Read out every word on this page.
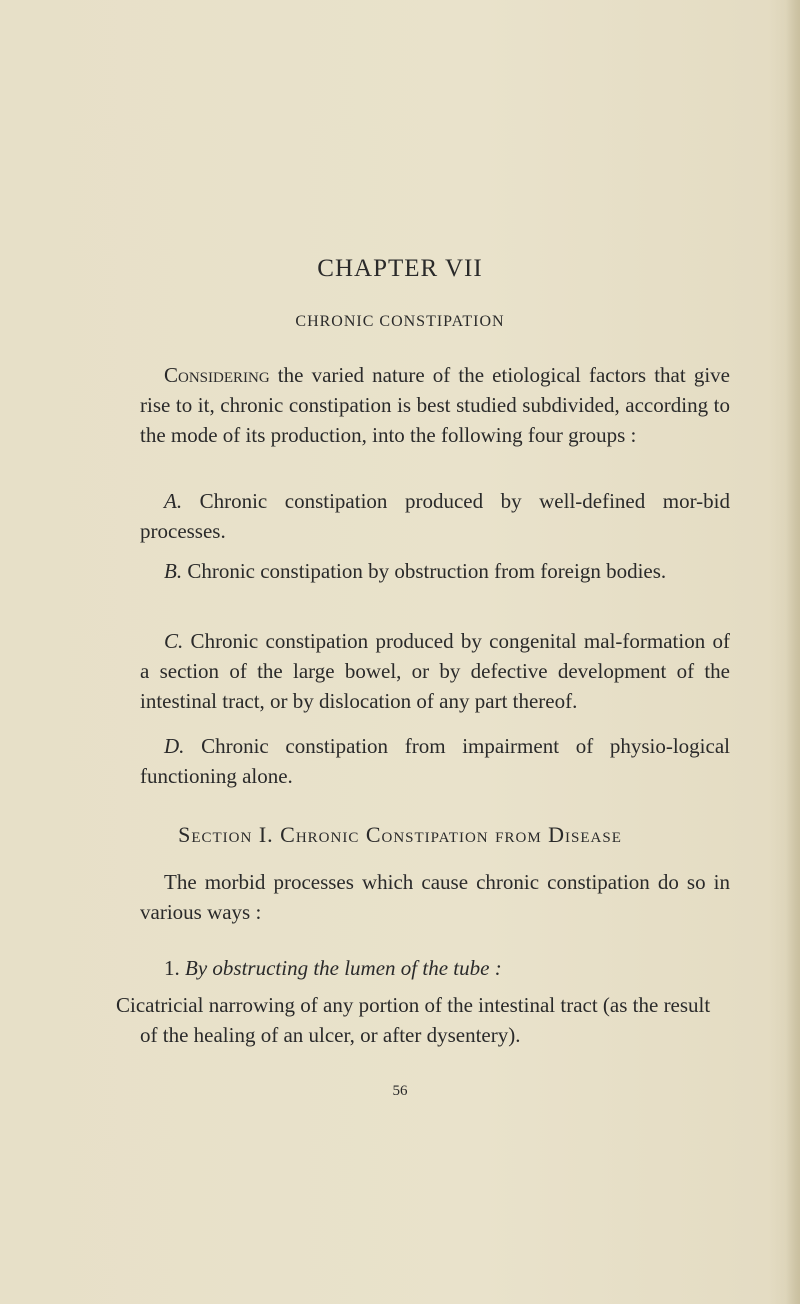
CHAPTER VII
CHRONIC CONSTIPATION

Considering the varied nature of the etiological factors that give rise to it, chronic constipation is best studied subdivided, according to the mode of its production, into the following four groups :

A. Chronic constipation produced by well-defined mor-bid processes.

B. Chronic constipation by obstruction from foreign bodies.

C. Chronic constipation produced by congenital mal-formation of a section of the large bowel, or by defective development of the intestinal tract, or by dislocation of any part thereof.

D. Chronic constipation from impairment of physio-logical functioning alone.

Section I. Chronic Constipation from Disease

The morbid processes which cause chronic constipation do so in various ways :

1. By obstructing the lumen of the tube :

Cicatricial narrowing of any portion of the intestinal tract (as the result of the healing of an ulcer, or after dysentery).

56
